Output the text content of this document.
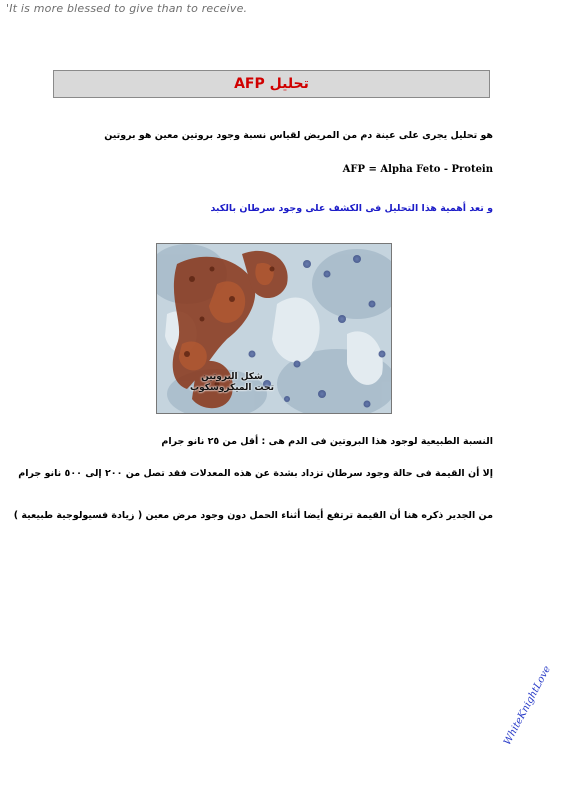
'It is more blessed to give than to receive.
تحليل AFP
هو تحليل يجرى على عينة دم من المريض لقياس نسبة وجود بروتين معين هو بروتين
AFP = Alpha Feto - Protein
و تعد أهمية هذا التحليل فى الكشف على وجود سرطان بالكبد
شكل البروتين
تحت الميكروسكوب
النسبة الطبيعية لوجود هذا البروتين فى الدم هى : أقل من ٢٥ نانو جرام
إلا أن القيمة فى حالة وجود سرطان تزداد بشدة عن هذه المعدلات فقد تصل من ٢٠٠ إلى ٥٠٠ نانو جرام
من الجدير ذكره هنا أن القيمة ترتفع أيضا أثناء الحمل دون وجود مرض معين ( زيادة فسيولوجية طبيعية )
WhiteKnightLove
